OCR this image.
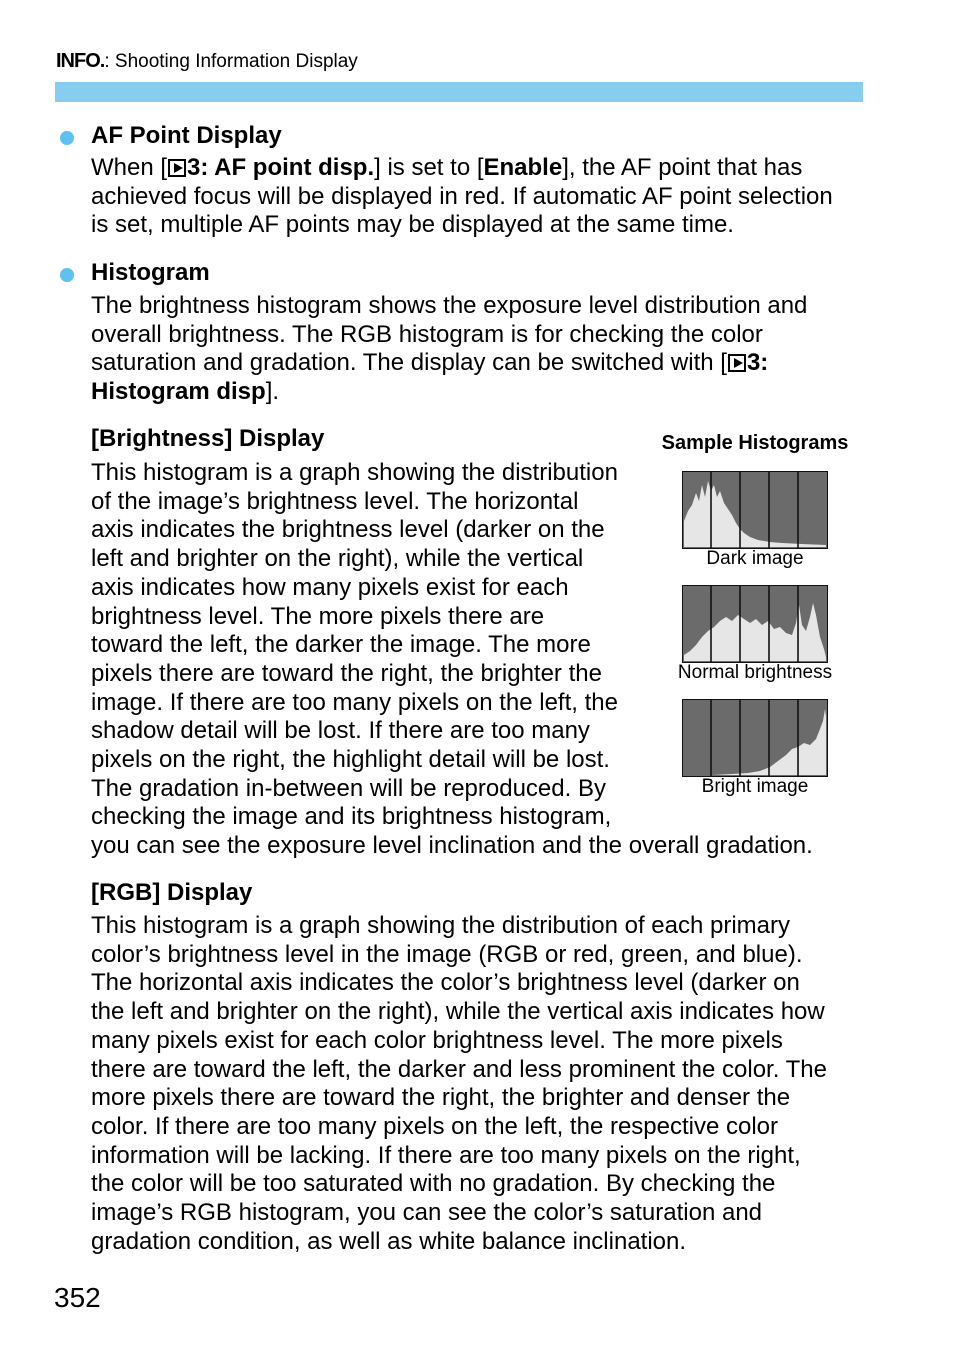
INFO.: Shooting Information Display
AF Point Display
When [ 3: AF point disp.] is set to [Enable], the AF point that has
achieved focus will be displayed in red. If automatic AF point selection
is set, multiple AF points may be displayed at the same time.
Histogram
The brightness histogram shows the exposure level distribution and
overall brightness. The RGB histogram is for checking the color
saturation and gradation. The display can be switched with [ 3:
Histogram disp].
[Brightness] Display
This histogram is a graph showing the distribution
of the image’s brightness level. The horizontal
axis indicates the brightness level (darker on the
left and brighter on the right), while the vertical
axis indicates how many pixels exist for each
brightness level. The more pixels there are
toward the left, the darker the image. The more
pixels there are toward the right, the brighter the
image. If there are too many pixels on the left, the
shadow detail will be lost. If there are too many
pixels on the right, the highlight detail will be lost.
The gradation in-between will be reproduced. By
checking the image and its brightness histogram,
you can see the exposure level inclination and the overall gradation.
Sample Histograms
Dark image
Normal brightness
Bright image
[RGB] Display
This histogram is a graph showing the distribution of each primary
color’s brightness level in the image (RGB or red, green, and blue).
The horizontal axis indicates the color’s brightness level (darker on
the left and brighter on the right), while the vertical axis indicates how
many pixels exist for each color brightness level. The more pixels
there are toward the left, the darker and less prominent the color. The
more pixels there are toward the right, the brighter and denser the
color. If there are too many pixels on the left, the respective color
information will be lacking. If there are too many pixels on the right,
the color will be too saturated with no gradation. By checking the
image’s RGB histogram, you can see the color’s saturation and
gradation condition, as well as white balance inclination.
352
